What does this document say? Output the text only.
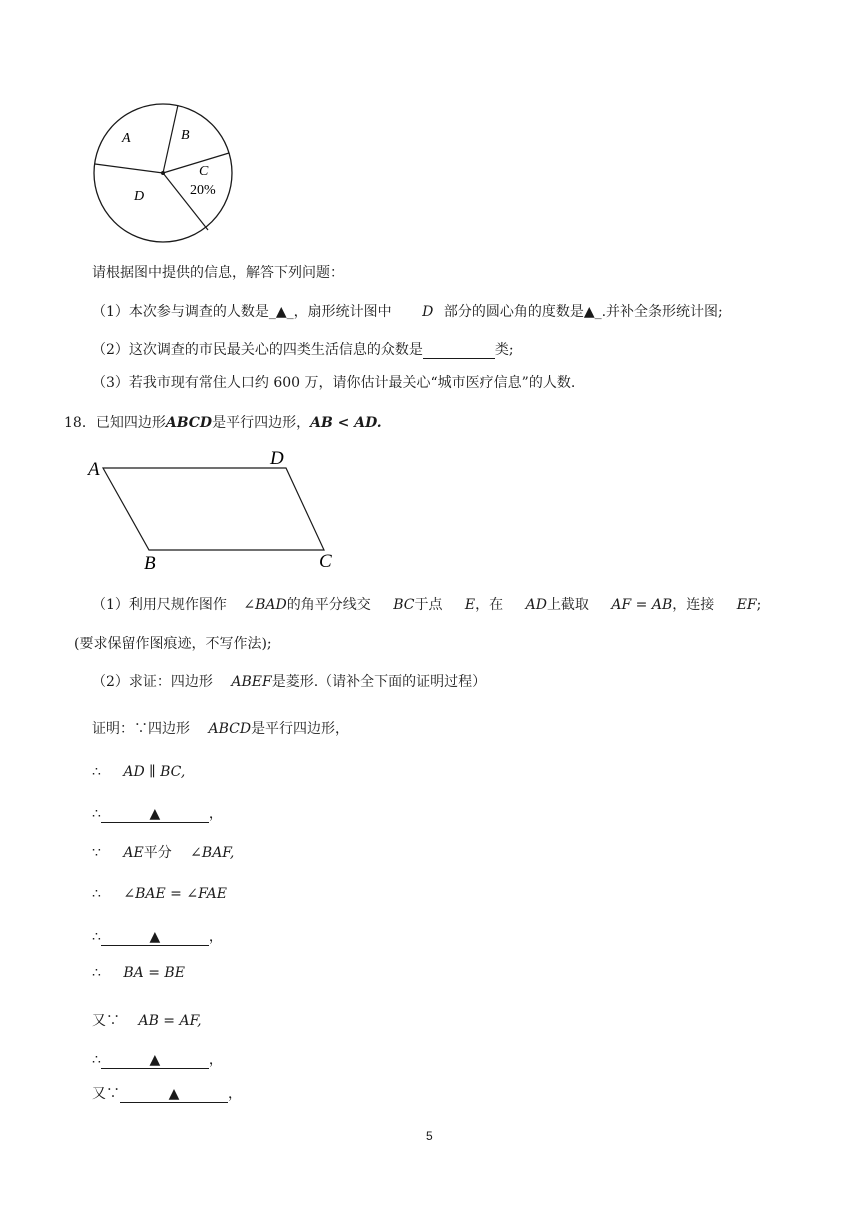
A	B
C
20%
D
请根据图中提供的信息，解答下列问题：
（1）本次参与调查的人数是_▲_，扇形统计图中 D 部分的圆心角的度数是▲_.并补全条形统计图;
（2）这次调查的市民最关心的四类生活信息的众数是	类;
（3）若我市现有常住人口约 600 万，请你估计最关心“城市医疗信息”的人数.
18．已知四边形ABCD是平行四边形，AB < AD.
A
D
B	C
（1）利用尺规作图作 ∠BAD的角平分线交 BC于点 E，在 AD上截取 AF = AB，连接 EF;
(要求保留作图痕迹，不写作法);
（2）求证：四边形 ABEF是菱形.（请补全下面的证明过程）
证明：∵四边形 ABCD是平行四边形，
∴ AD ∥ BC,
∴	▲	，
∵ AE平分 ∠BAF,
∴ ∠BAE = ∠FAE
∴	▲	，
∴ BA = BE
又∵ AB = AF,
∴	▲	，
又∵	▲	，
5
